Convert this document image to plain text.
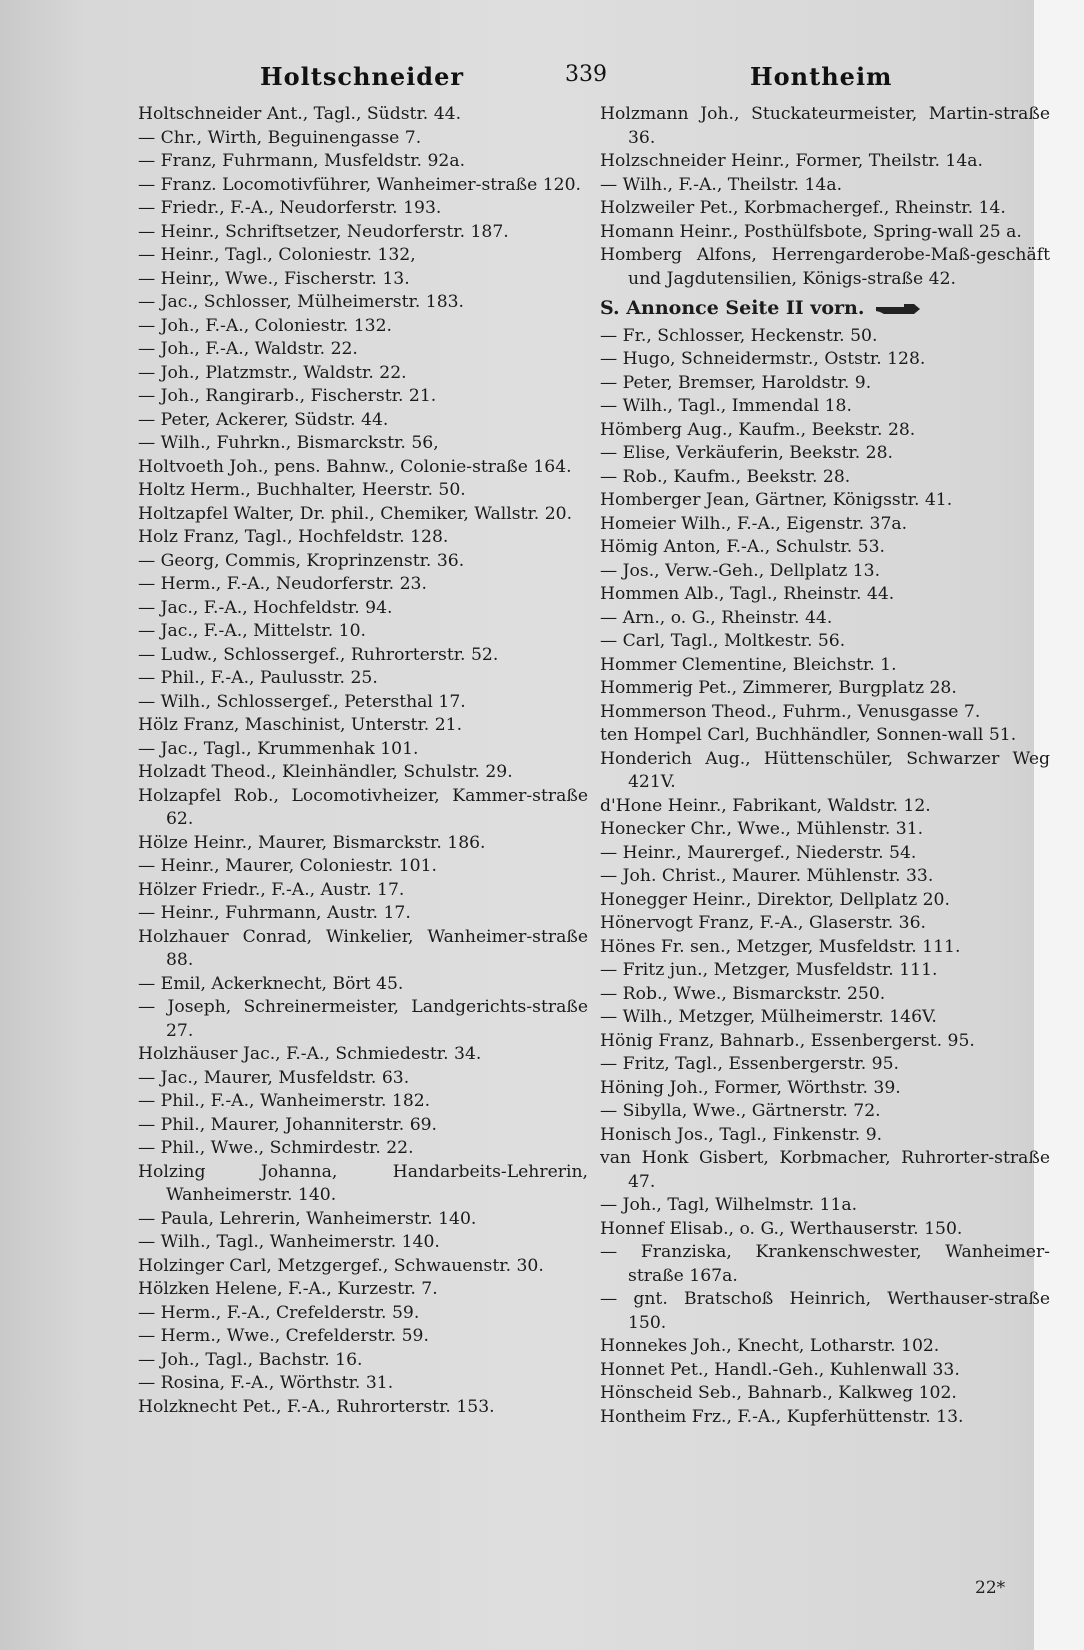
Holtschneider	339	Hontheim
Holtschneider Ant., Tagl., Südstr. 44.
— Chr., Wirth, Beguinengasse 7.
— Franz, Fuhrmann, Musfeldstr. 92a.
— Franz. Locomotivführer, Wanheimer-straße 120.
— Friedr., F.-A., Neudorferstr. 193.
— Heinr., Schriftsetzer, Neudorferstr. 187.
— Heinr., Tagl., Coloniestr. 132,
— Heinr,, Wwe., Fischerstr. 13.
— Jac., Schlosser, Mülheimerstr. 183.
— Joh., F.-A., Coloniestr. 132.
— Joh., F.-A., Waldstr. 22.
— Joh., Platzmstr., Waldstr. 22.
— Joh., Rangirarb., Fischerstr. 21.
— Peter, Ackerer, Südstr. 44.
— Wilh., Fuhrkn., Bismarckstr. 56,
Holtvoeth Joh., pens. Bahnw., Colonie-straße 164.
Holtz Herm., Buchhalter, Heerstr. 50.
Holtzapfel Walter, Dr. phil., Chemiker, Wallstr. 20.
Holz Franz, Tagl., Hochfeldstr. 128.
— Georg, Commis, Kroprinzenstr. 36.
— Herm., F.-A., Neudorferstr. 23.
— Jac., F.-A., Hochfeldstr. 94.
— Jac., F.-A., Mittelstr. 10.
— Ludw., Schlossergef., Ruhrorterstr. 52.
— Phil., F.-A., Paulusstr. 25.
— Wilh., Schlossergef., Petersthal 17.
Hölz Franz, Maschinist, Unterstr. 21.
— Jac., Tagl., Krummenhak 101.
Holzadt Theod., Kleinhändler, Schulstr. 29.
Holzapfel Rob., Locomotivheizer, Kammer-straße 62.
Hölze Heinr., Maurer, Bismarckstr. 186.
— Heinr., Maurer, Coloniestr. 101.
Hölzer Friedr., F.-A., Austr. 17.
— Heinr., Fuhrmann, Austr. 17.
Holzhauer Conrad, Winkelier, Wanheimer-straße 88.
— Emil, Ackerknecht, Bört 45.
— Joseph, Schreinermeister, Landgerichts-straße 27.
Holzhäuser Jac., F.-A., Schmiedestr. 34.
— Jac., Maurer, Musfeldstr. 63.
— Phil., F.-A., Wanheimerstr. 182.
— Phil., Maurer, Johanniterstr. 69.
— Phil., Wwe., Schmirdestr. 22.
Holzing Johanna, Handarbeits-Lehrerin, Wanheimerstr. 140.
— Paula, Lehrerin, Wanheimerstr. 140.
— Wilh., Tagl., Wanheimerstr. 140.
Holzinger Carl, Metzgergef., Schwauenstr. 30.
Hölzken Helene, F.-A., Kurzestr. 7.
— Herm., F.-A., Crefelderstr. 59.
— Herm., Wwe., Crefelderstr. 59.
— Joh., Tagl., Bachstr. 16.
— Rosina, F.-A., Wörthstr. 31.
Holzknecht Pet., F.-A., Ruhrorterstr. 153.
Holzmann Joh., Stuckateurmeister, Martin-straße 36.
Holzschneider Heinr., Former, Theilstr. 14a.
— Wilh., F.-A., Theilstr. 14a.
Holzweiler Pet., Korbmachergef., Rheinstr. 14.
Homann Heinr., Posthülfsbote, Spring-wall 25 a.
Homberg Alfons, Herrengarderobe-Maß-geschäft und Jagdutensilien, Königs-straße 42.
S. Annonce Seite II vorn.
— Fr., Schlosser, Heckenstr. 50.
— Hugo, Schneidermstr., Oststr. 128.
— Peter, Bremser, Haroldstr. 9.
— Wilh., Tagl., Immendal 18.
Hömberg Aug., Kaufm., Beekstr. 28.
— Elise, Verkäuferin, Beekstr. 28.
— Rob., Kaufm., Beekstr. 28.
Homberger Jean, Gärtner, Königsstr. 41.
Homeier Wilh., F.-A., Eigenstr. 37a.
Hömig Anton, F.-A., Schulstr. 53.
— Jos., Verw.-Geh., Dellplatz 13.
Hommen Alb., Tagl., Rheinstr. 44.
— Arn., o. G., Rheinstr. 44.
— Carl, Tagl., Moltkestr. 56.
Hommer Clementine, Bleichstr. 1.
Hommerig Pet., Zimmerer, Burgplatz 28.
Hommerson Theod., Fuhrm., Venusgasse 7.
ten Hompel Carl, Buchhändler, Sonnen-wall 51.
Honderich Aug., Hüttenschüler, Schwarzer Weg 421V.
d'Hone Heinr., Fabrikant, Waldstr. 12.
Honecker Chr., Wwe., Mühlenstr. 31.
— Heinr., Maurergef., Niederstr. 54.
— Joh. Christ., Maurer. Mühlenstr. 33.
Honegger Heinr., Direktor, Dellplatz 20.
Hönervogt Franz, F.-A., Glaserstr. 36.
Hönes Fr. sen., Metzger, Musfeldstr. 111.
— Fritz jun., Metzger, Musfeldstr. 111.
— Rob., Wwe., Bismarckstr. 250.
— Wilh., Metzger, Mülheimerstr. 146V.
Hönig Franz, Bahnarb., Essenbergerst. 95.
— Fritz, Tagl., Essenbergerstr. 95.
Höning Joh., Former, Wörthstr. 39.
— Sibylla, Wwe., Gärtnerstr. 72.
Honisch Jos., Tagl., Finkenstr. 9.
van Honk Gisbert, Korbmacher, Ruhrorter-straße 47.
— Joh., Tagl, Wilhelmstr. 11a.
Honnef Elisab., o. G., Werthauserstr. 150.
— Franziska, Krankenschwester, Wanheimer-straße 167a.
— gnt. Bratschoß Heinrich, Werthauser-straße 150.
Honnekes Joh., Knecht, Lotharstr. 102.
Honnet Pet., Handl.-Geh., Kuhlenwall 33.
Hönscheid Seb., Bahnarb., Kalkweg 102.
Hontheim Frz., F.-A., Kupferhüttenstr. 13.
22*
